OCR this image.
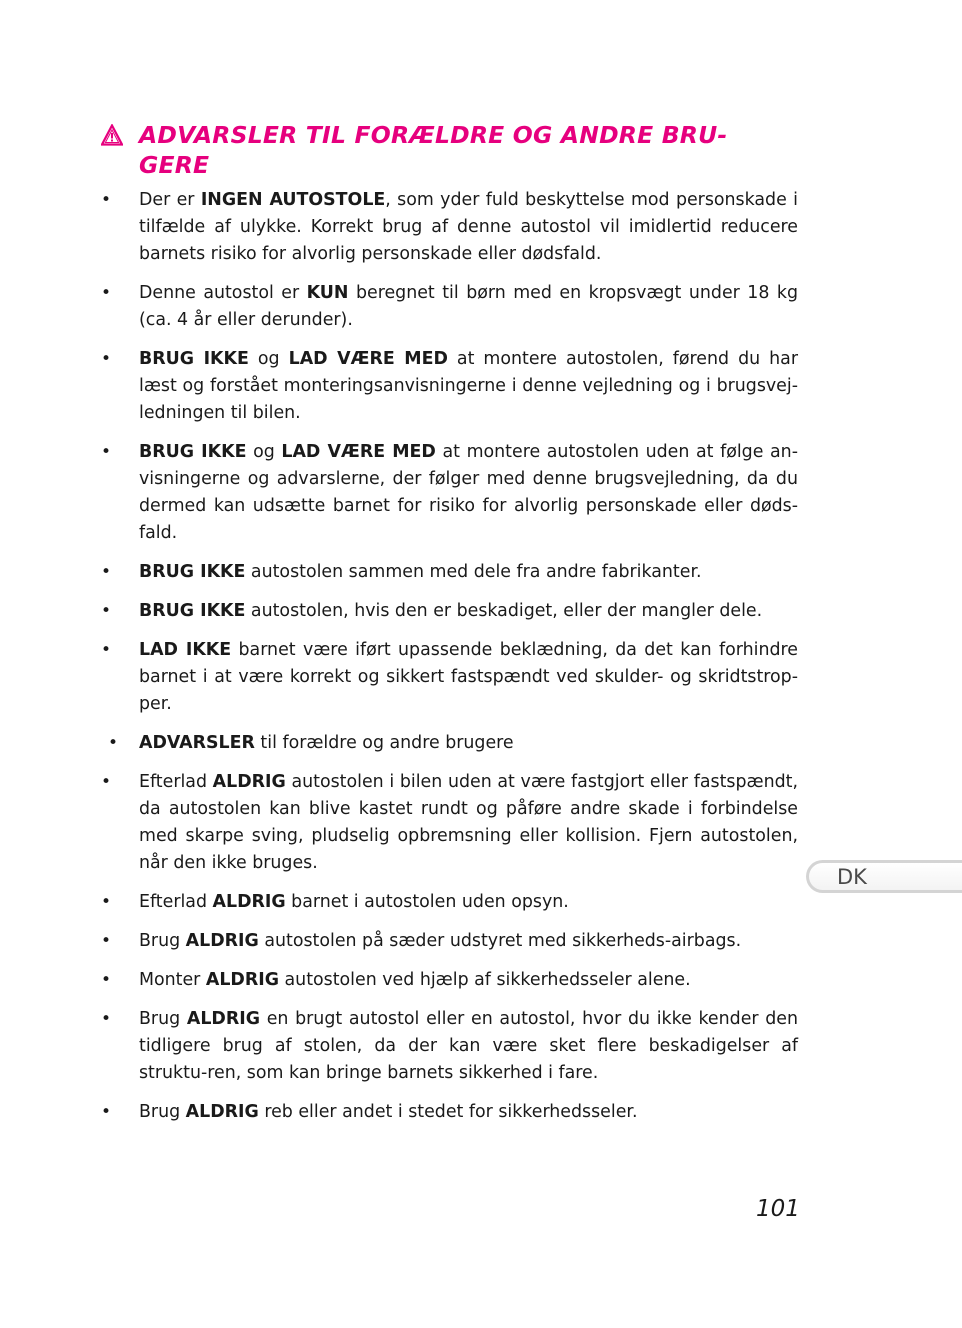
ADVARSLER TIL FORÆLDRE OG ANDRE BRU-
GERE
• Der er INGEN AUTOSTOLE, som yder fuld beskyttelse mod personskade i tilfælde af ulykke. Korrekt brug af denne autostol vil imidlertid reducere barnets risiko for alvorlig personskade eller dødsfald.
• Denne autostol er KUN beregnet til børn med en kropsvægt under 18 kg (ca. 4 år eller derunder).
• BRUG IKKE og LAD VÆRE MED at montere autostolen, førend du har læst og forstået monteringsanvisningerne i denne vejledning og i brugsvej-ledningen til bilen.
• BRUG IKKE og LAD VÆRE MED at montere autostolen uden at følge an-visningerne og advarslerne, der følger med denne brugsvejledning, da du dermed kan udsætte barnet for risiko for alvorlig personskade eller døds-fald.
• BRUG IKKE autostolen sammen med dele fra andre fabrikanter.
• BRUG IKKE autostolen, hvis den er beskadiget, eller der mangler dele.
• LAD IKKE barnet være iført upassende beklædning, da det kan forhindre barnet i at være korrekt og sikkert fastspændt ved skulder- og skridtstrop-per.
• ADVARSLER til forældre og andre brugere
• Efterlad ALDRIG autostolen i bilen uden at være fastgjort eller fastspændt, da autostolen kan blive kastet rundt og påføre andre skade i forbindelse med skarpe sving, pludselig opbremsning eller kollision. Fjern autostolen, når den ikke bruges.
• Efterlad ALDRIG barnet i autostolen uden opsyn.
• Brug ALDRIG autostolen på sæder udstyret med sikkerheds-airbags.
• Monter ALDRIG autostolen ved hjælp af sikkerhedsseler alene.
• Brug ALDRIG en brugt autostol eller en autostol, hvor du ikke kender den tidligere brug af stolen, da der kan være sket flere beskadigelser af struktu-ren, som kan bringe barnets sikkerhed i fare.
• Brug ALDRIG reb eller andet i stedet for sikkerhedsseler.
DK
101
